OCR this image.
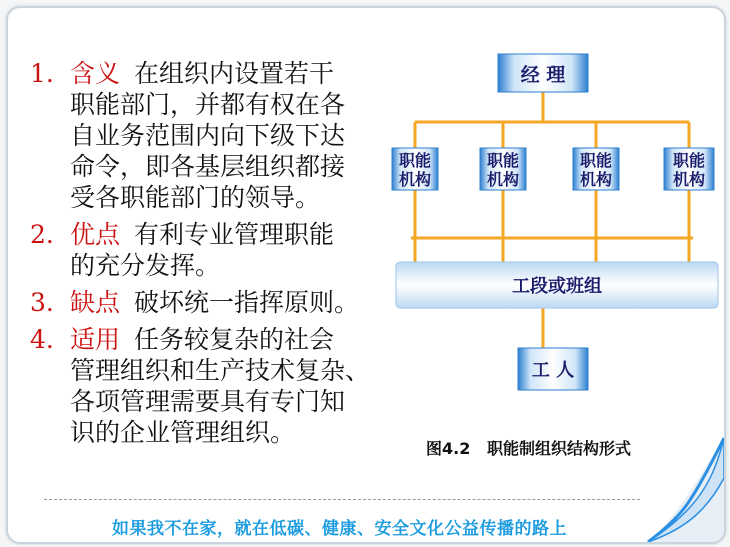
1. 含义 在组织内设置若干
职能部门，并都有权在各
自业务范围内向下级下达
命令，即各基层组织都接
受各职能部门的领导。
2. 优点 有利专业管理职能
的充分发挥。
3. 缺点 破坏统一指挥原则。
4. 适用 任务较复杂的社会
管理组织和生产技术复杂、
各项管理需要具有专门知
识的企业管理组织。
经 理
职能
机构
职能
机构
职能
机构
职能
机构
工段或班组
工 人
图4.2   职能制组织结构形式
如果我不在家，就在低碳、健康、安全文化公益传播的路上
